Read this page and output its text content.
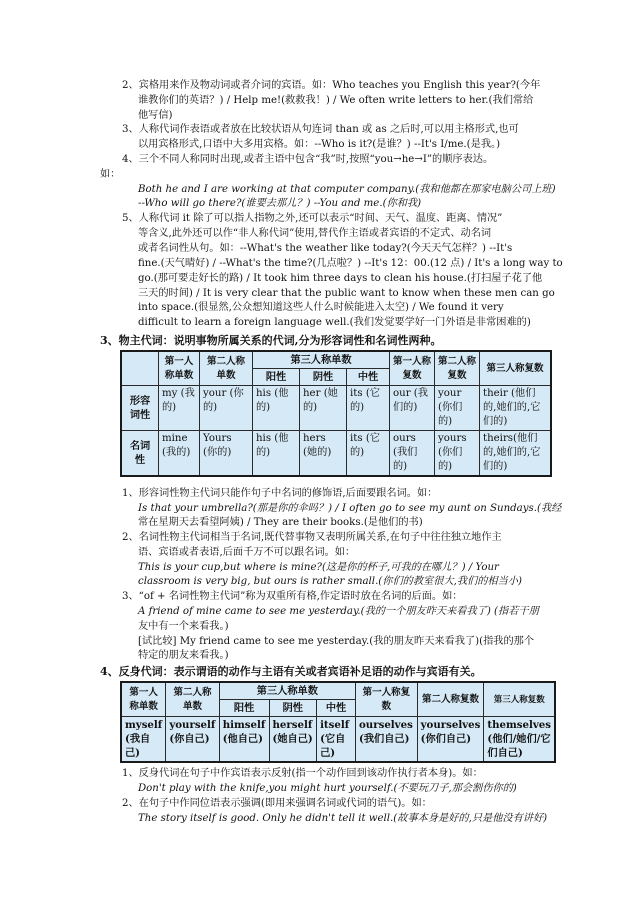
2、宾格用来作及物动词或者介词的宾语。如：Who teaches you English this year?(今年
谁教你们的英语？) / Help me!(救救我！) / We often write letters to her.(我们常给
他写信)
3、人称代词作表语或者放在比较状语从句连词 than 或 as 之后时,可以用主格形式,也可
以用宾格形式,口语中大多用宾格。如：--Who is it?(是谁？) --It's I/me.(是我。)
4、三个不同人称同时出现,或者主语中包含“我”时,按照“you→he→I”的顺序表达。
如：
Both he and I are working at that computer company.(我和他都在那家电脑公司上班)
--Who will go there?(谁要去那儿？) --You and me.(你和我)
5、人称代词 it 除了可以指人指物之外,还可以表示“时间、天气、温度、距离、情况”
等含义,此外还可以作“非人称代词”使用,替代作主语或者宾语的不定式、动名词
或者名词性从句。如：--What's the weather like today?(今天天气怎样？) --It's
fine.(天气晴好) / --What's the time?(几点啦？) --It's 12：00.(12 点) / It's a long way to
go.(那可要走好长的路) / It took him three days to clean his house.(打扫屋子花了他
三天的时间) / It is very clear that the public want to know when these men can go
into space.(很显然,公众想知道这些人什么时候能进入太空) / We found it very
difficult to learn a foreign language well.(我们发觉要学好一门外语是非常困难的)
3、物主代词：说明事物所属关系的代词,分为形容词性和名词性两种。
	第一人称单数	第二人称单数	第三人称单数			第一人称复数	第二人称复数	第三人称复数
			阳性	阴性	中性			
形容词性	my (我的)	your (你的)	his (他的)	her (她的)	its (它的)	our (我们的)	your (你们的)	their (他们的,她们的,它们的)
名词性	mine (我的)	Yours (你的)	his (他的)	hers (她的)	its (它的)	ours (我们的)	yours (你们的)	theirs(他们的,她们的,它们的)
1、形容词性物主代词只能作句子中名词的修饰语,后面要跟名词。如：
Is that your umbrella?(那是你的伞吗？) / I often go to see my aunt on Sundays.(我经
常在星期天去看望阿姨) / They are their books.(是他们的书)
2、名词性物主代词相当于名词,既代替事物又表明所属关系,在句子中往往独立地作主
语、宾语或者表语,后面千万不可以跟名词。如：
This is your cup,but where is mine?(这是你的杯子,可我的在哪儿？) / Your
classroom is very big, but ours is rather small.(你们的教室很大,我们的相当小)
3、“of + 名词性物主代词”称为双重所有格,作定语时放在名词的后面。如：
A friend of mine came to see me yesterday.(我的一个朋友昨天来看我了) (指若干朋
友中有一个来看我。)
[试比较] My friend came to see me yesterday.(我的朋友昨天来看我了)(指我的那个
特定的朋友来看我。)
4、反身代词：表示谓语的动作与主语有关或者宾语补足语的动作与宾语有关。
第一人称单数	第二人称单数	第三人称单数			第一人称复数	第二人称复数	第三人称复数
		阳性	阴性	中性			
myself (我自己)	yourself (你自己)	himself (他自己)	herself (她自己)	itself (它自己)	ourselves (我们自己)	yourselves (你们自己)	themselves (他们/她们/它们自己)
1、反身代词在句子中作宾语表示反射(指一个动作回到该动作执行者本身)。如：
Don't play with the knife,you might hurt yourself.(不要玩刀子,那会割伤你的)
2、在句子中作同位语表示强调(即用来强调名词或代词的语气)。如：
The story itself is good. Only he didn't tell it well.(故事本身是好的,只是他没有讲好)
